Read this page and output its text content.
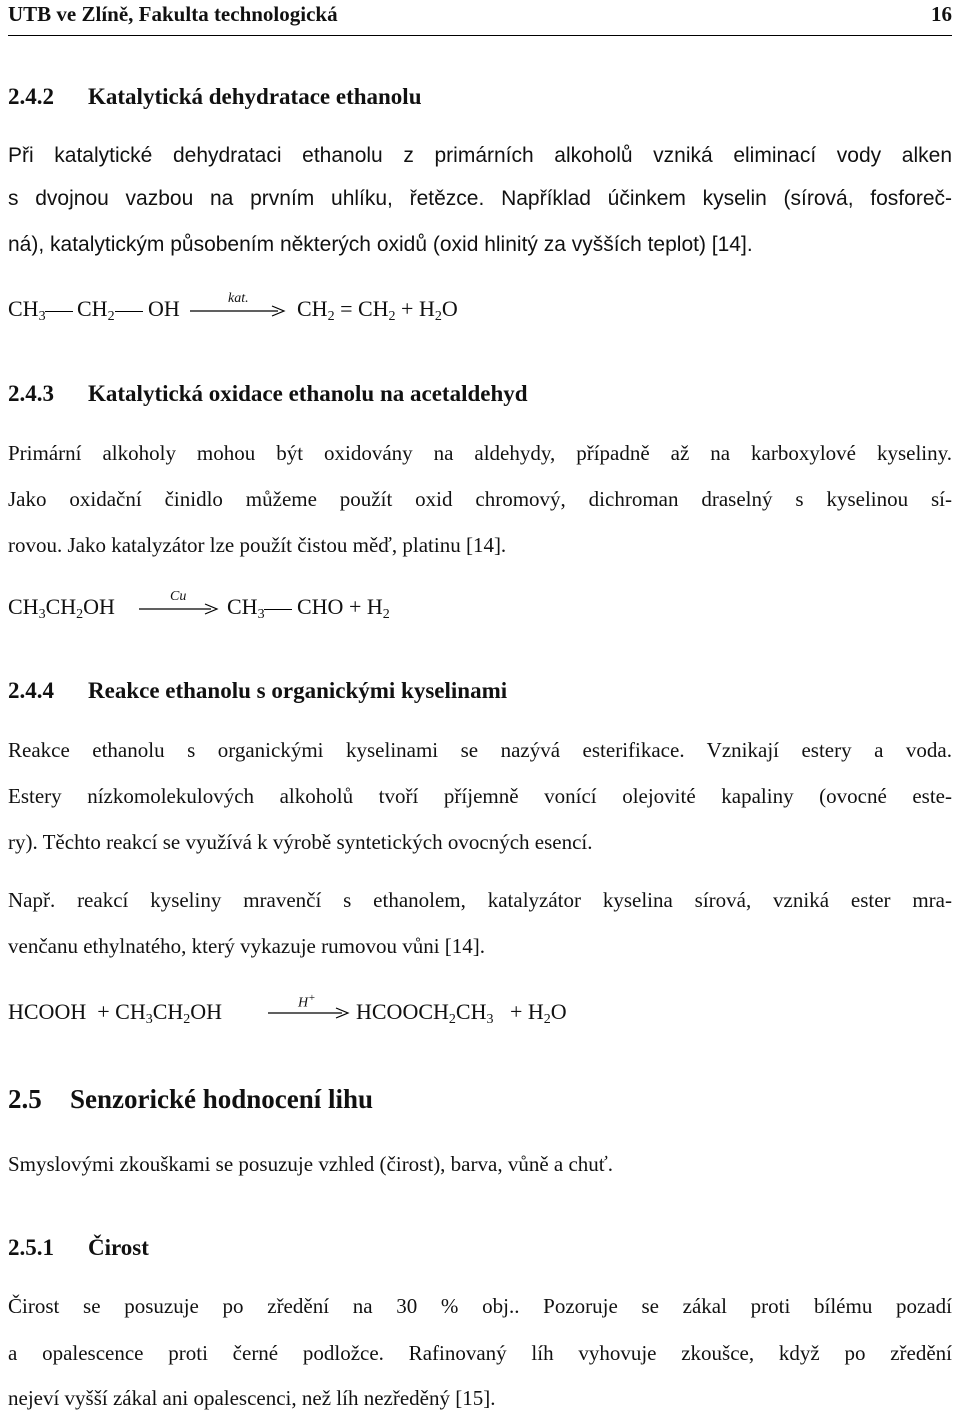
UTB ve Zlíně, Fakulta technologická	16
2.4.2 Katalytická dehydratace ethanolu
Při katalytické dehydrataci ethanolu z primárních alkoholů vzniká eliminací vody alken
s dvojnou vazbou na prvním uhlíku, řetězce. Například účinkem kyselin (sírová, fosforeč-
ná), katalytickým působením některých oxidů (oxid hlinitý za vyšších teplot) [14].
$CH_3$ $CH_2$ OH	kat. $CH_2 = CH_2 + H_2O$
2.4.3 Katalytická oxidace ethanolu na acetaldehyd
Primární alkoholy mohou být oxidovány na aldehydy, případně až na karboxylové kyseliny.
Jako oxidační činidlo můžeme použít oxid chromový, dichroman draselný s kyselinou sí-
rovou. Jako katalyzátor lze použít čistou měď, platinu [14].
$CH_3CH_2OH$	Cu $CH_3$ CHO + $H_2$
2.4.4 Reakce ethanolu s organickými kyselinami
Reakce ethanolu s organickými kyselinami se nazývá esterifikace. Vznikají estery a voda.
Estery nízkomolekulových alkoholů tvoří příjemně vonící olejovité kapaliny (ovocné este-
ry). Těchto reakcí se využívá k výrobě syntetických ovocných esencí.
Např. reakcí kyseliny mravenčí s ethanolem, katalyzátor kyselina sírová, vzniká ester mra-
venčanu ethylnatého, který vykazuje rumovou vůni [14].
HCOOH + $CH_3CH_2OH$	H+
$HCOOCH_2CH_3 + H_2O$
2.5 Senzorické hodnocení lihu
Smyslovými zkouškami se posuzuje vzhled (čirost), barva, vůně a chuť.
2.5.1 Čirost
Čirost se posuzuje po zředění na 30 % obj.. Pozoruje se zákal proti bílému pozadí
a opalescence proti černé podložce. Rafinovaný líh vyhovuje zkoušce, když po zředění
nejeví vyšší zákal ani opalescenci, než líh nezředěný [15].
